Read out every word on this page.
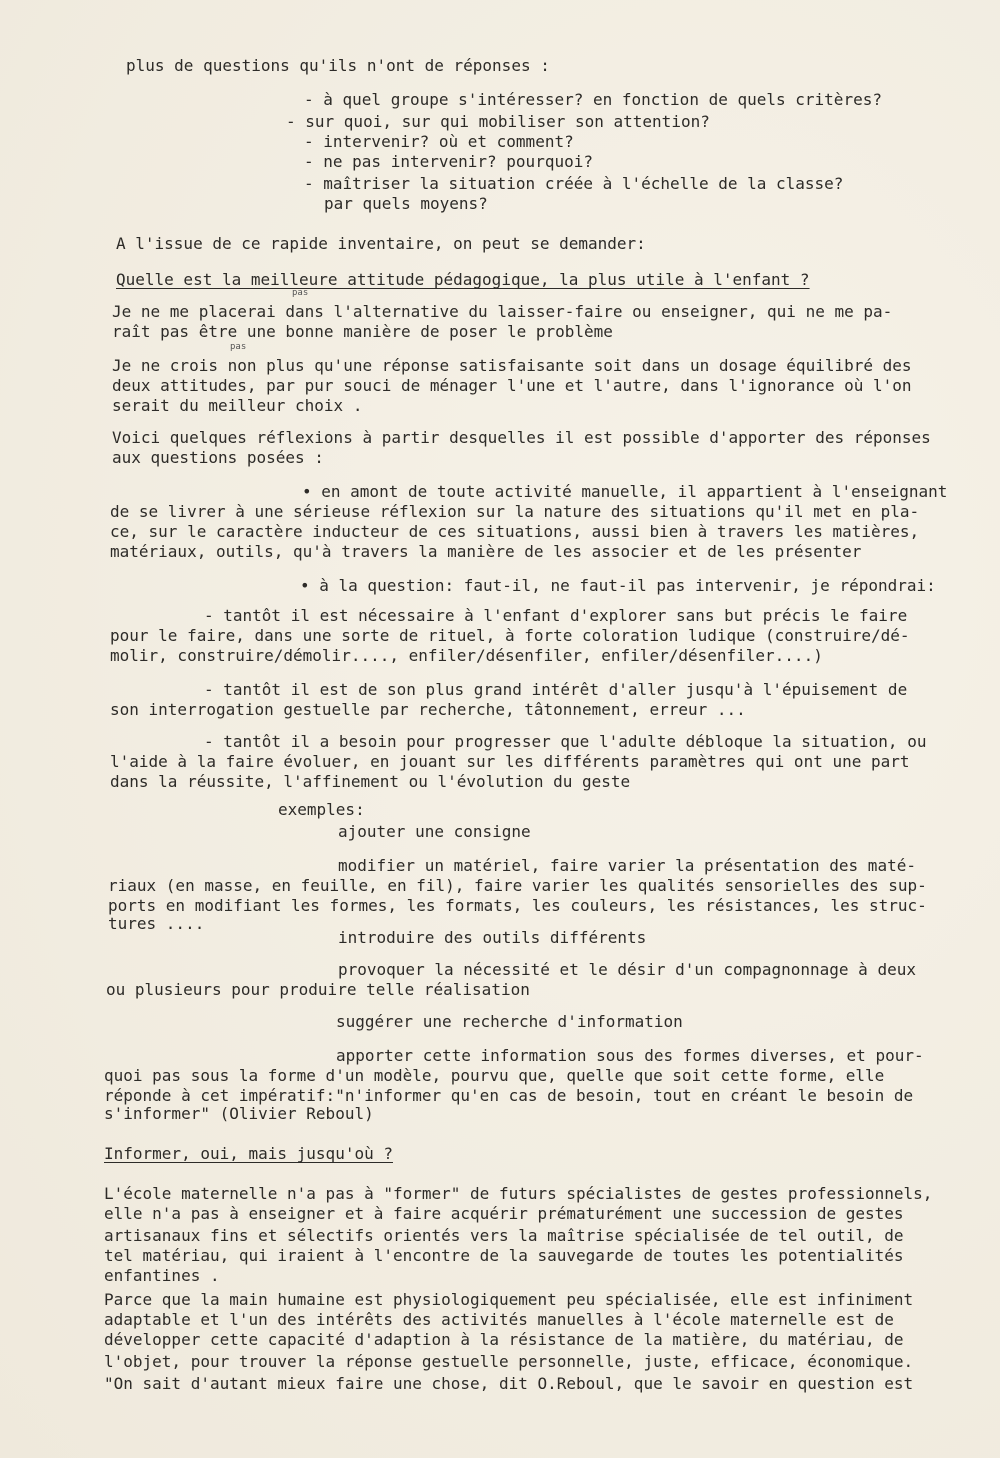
plus de questions qu'ils n'ont de réponses :

- à quel groupe s'intéresser? en fonction de quels critères?

- sur quoi, sur qui mobiliser son attention?

- intervenir? où et comment?

- ne pas intervenir? pourquoi?

- maîtriser la situation créée à l'échelle de la classe?

par quels moyens?

A l'issue de ce rapide inventaire, on peut se demander:

Quelle est la meilleure attitude pédagogique, la plus utile à l'enfant ?

pas

Je ne me placerai dans l'alternative du laisser-faire ou enseigner, qui ne me pa-

raît pas être une bonne manière de poser le problème

pas

Je ne crois non plus qu'une réponse satisfaisante soit dans un dosage équilibré des

deux attitudes, par pur souci de ménager l'une et l'autre, dans l'ignorance où l'on

serait du meilleur choix .

Voici quelques réflexions à partir desquelles il est possible d'apporter des réponses

aux questions posées :

• en amont de toute activité manuelle, il appartient à l'enseignant

de se livrer à une sérieuse réflexion sur la nature des situations qu'il met en pla-

ce, sur le caractère inducteur de ces situations, aussi bien à travers les matières,

matériaux, outils, qu'à travers la manière de les associer et de les présenter

• à la question: faut-il, ne faut-il pas intervenir, je répondrai:

- tantôt il est nécessaire à l'enfant d'explorer sans but précis le faire

pour le faire, dans une sorte de rituel, à forte coloration ludique (construire/dé-

molir, construire/démolir...., enfiler/désenfiler, enfiler/désenfiler....)

- tantôt il est de son plus grand intérêt d'aller jusqu'à l'épuisement de

son interrogation gestuelle par recherche, tâtonnement, erreur ...

- tantôt il a besoin pour progresser que l'adulte débloque la situation, ou

l'aide à la faire évoluer, en jouant sur les différents paramètres qui ont une part

dans la réussite, l'affinement ou l'évolution du geste

exemples:

ajouter une consigne

modifier un matériel, faire varier la présentation des maté-

riaux (en masse, en feuille, en fil), faire varier les qualités sensorielles des sup-

ports en modifiant les formes, les formats, les couleurs, les résistances, les struc-

tures ....

introduire des outils différents

provoquer la nécessité et le désir d'un compagnonnage à deux

ou plusieurs pour produire telle réalisation

suggérer une recherche d'information

apporter cette information sous des formes diverses, et pour-

quoi pas sous la forme d'un modèle, pourvu que, quelle que soit cette forme, elle

réponde à cet impératif:"n'informer qu'en cas de besoin, tout en créant le besoin de

s'informer" (Olivier Reboul)

Informer, oui, mais jusqu'où ?

L'école maternelle n'a pas à "former" de futurs spécialistes de gestes professionnels,

elle n'a pas à enseigner et à faire acquérir prématurément une succession de gestes

artisanaux fins et sélectifs orientés vers la maîtrise spécialisée de tel outil, de

tel matériau, qui iraient à l'encontre de la sauvegarde de toutes les potentialités

enfantines .

Parce que la main humaine est physiologiquement peu spécialisée, elle est infiniment

adaptable et l'un des intérêts des activités manuelles à l'école maternelle est de

développer cette capacité d'adaption à la résistance de la matière, du matériau, de

l'objet, pour trouver la réponse gestuelle personnelle, juste, efficace, économique.

"On sait d'autant mieux faire une chose, dit O.Reboul, que le savoir en question est
